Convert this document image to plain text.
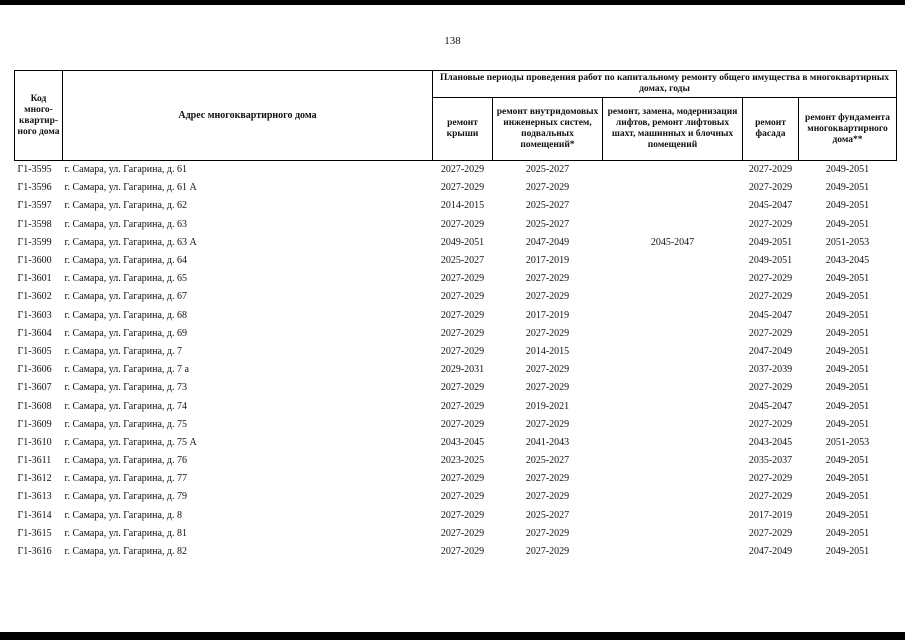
138
Код много-квартир-ного дома	Адрес многоквартирного дома	Плановые периоды проведения работ по капитальному ремонту общего имущества в многоквартирных домах, годы				
		ремонт крыши	ремонт внутридомовых инженерных систем, подвальных помещений*	ремонт, замена, модернизация лифтов, ремонт лифтовых шахт, машинных и блочных помещений	ремонт фасада	ремонт фундамента многоквартирного дома**
Г1-3595	г. Самара, ул. Гагарина, д. 61	2027-2029	2025-2027		2027-2029	2049-2051
Г1-3596	г. Самара, ул. Гагарина, д. 61 А	2027-2029	2027-2029		2027-2029	2049-2051
Г1-3597	г. Самара, ул. Гагарина, д. 62	2014-2015	2025-2027		2045-2047	2049-2051
Г1-3598	г. Самара, ул. Гагарина, д. 63	2027-2029	2025-2027		2027-2029	2049-2051
Г1-3599	г. Самара, ул. Гагарина, д. 63 А	2049-2051	2047-2049	2045-2047	2049-2051	2051-2053
Г1-3600	г. Самара, ул. Гагарина, д. 64	2025-2027	2017-2019		2049-2051	2043-2045
Г1-3601	г. Самара, ул. Гагарина, д. 65	2027-2029	2027-2029		2027-2029	2049-2051
Г1-3602	г. Самара, ул. Гагарина, д. 67	2027-2029	2027-2029		2027-2029	2049-2051
Г1-3603	г. Самара, ул. Гагарина, д. 68	2027-2029	2017-2019		2045-2047	2049-2051
Г1-3604	г. Самара, ул. Гагарина, д. 69	2027-2029	2027-2029		2027-2029	2049-2051
Г1-3605	г. Самара, ул. Гагарина, д. 7	2027-2029	2014-2015		2047-2049	2049-2051
Г1-3606	г. Самара, ул. Гагарина, д. 7 а	2029-2031	2027-2029		2037-2039	2049-2051
Г1-3607	г. Самара, ул. Гагарина, д. 73	2027-2029	2027-2029		2027-2029	2049-2051
Г1-3608	г. Самара, ул. Гагарина, д. 74	2027-2029	2019-2021		2045-2047	2049-2051
Г1-3609	г. Самара, ул. Гагарина, д. 75	2027-2029	2027-2029		2027-2029	2049-2051
Г1-3610	г. Самара, ул. Гагарина, д. 75 А	2043-2045	2041-2043		2043-2045	2051-2053
Г1-3611	г. Самара, ул. Гагарина, д. 76	2023-2025	2025-2027		2035-2037	2049-2051
Г1-3612	г. Самара, ул. Гагарина, д. 77	2027-2029	2027-2029		2027-2029	2049-2051
Г1-3613	г. Самара, ул. Гагарина, д. 79	2027-2029	2027-2029		2027-2029	2049-2051
Г1-3614	г. Самара, ул. Гагарина, д. 8	2027-2029	2025-2027		2017-2019	2049-2051
Г1-3615	г. Самара, ул. Гагарина, д. 81	2027-2029	2027-2029		2027-2029	2049-2051
Г1-3616	г. Самара, ул. Гагарина, д. 82	2027-2029	2027-2029		2047-2049	2049-2051
